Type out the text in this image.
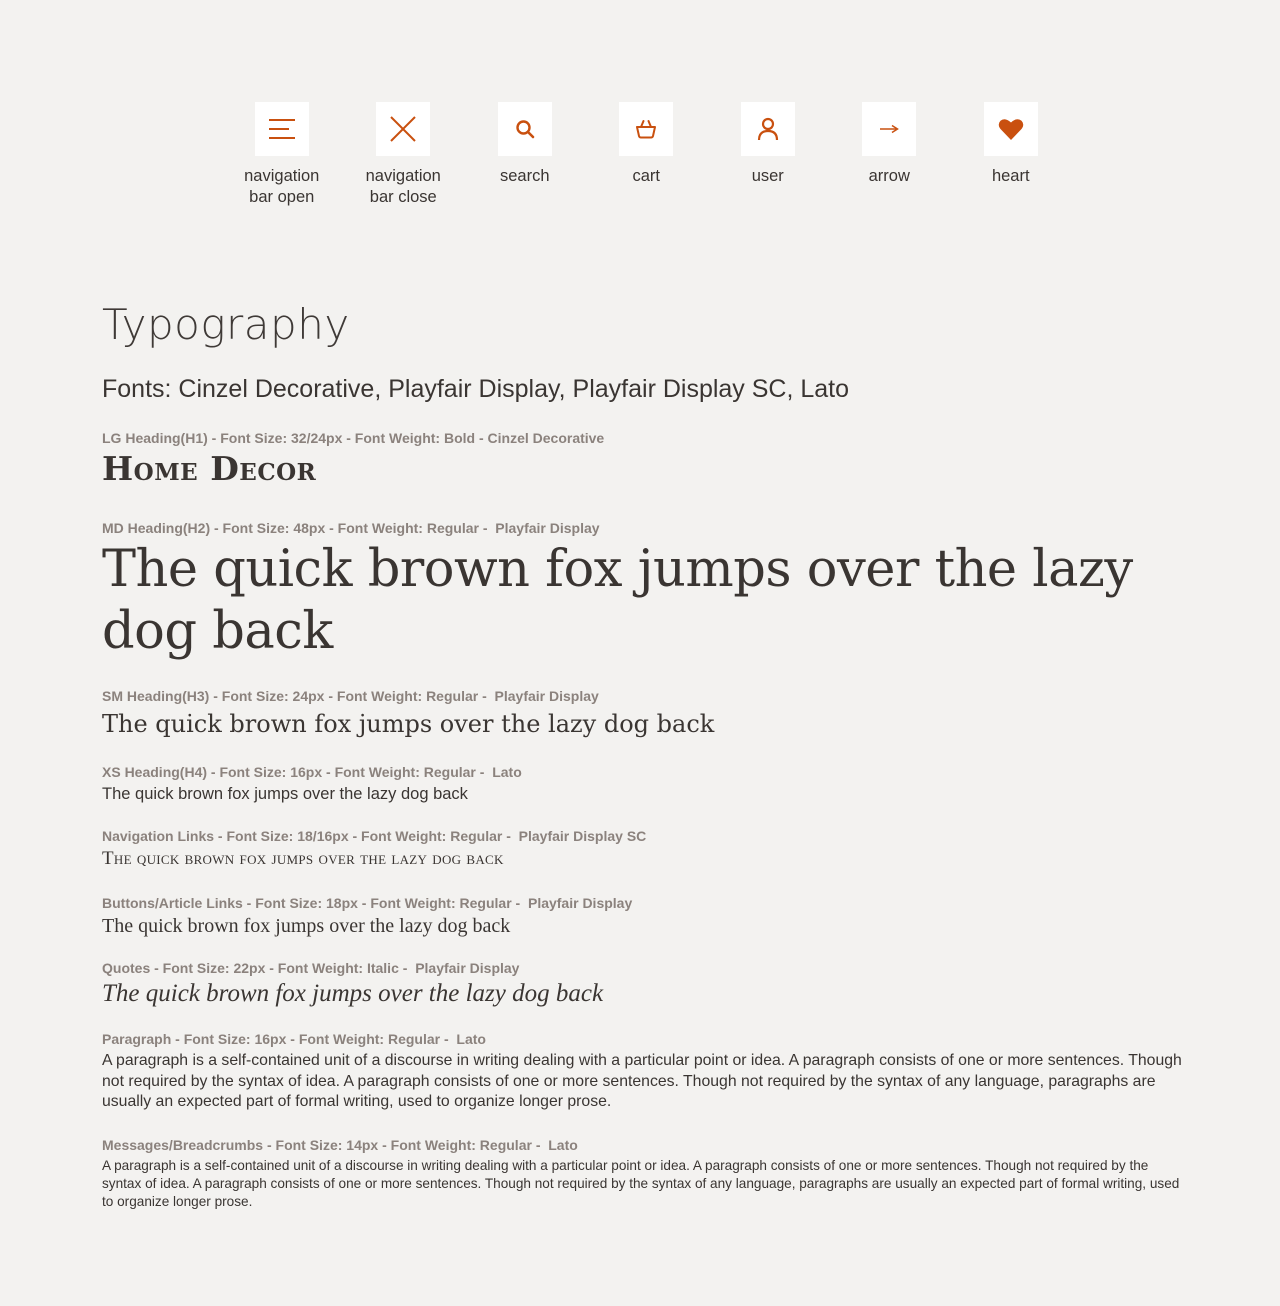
navigation
bar open
navigation
bar close
search	cart	user	arrow	heart
Typography
Fonts: Cinzel Decorative, Playfair Display, Playfair Display SC, Lato
LG Heading(H1) - Font Size: 32/24px - Font Weight: Bold - Cinzel Decorative
Home Decor
MD Heading(H2) - Font Size: 48px - Font Weight: Regular -  Playfair Display
The quick brown fox jumps over the lazy dog back
SM Heading(H3) - Font Size: 24px - Font Weight: Regular -  Playfair Display
The quick brown fox jumps over the lazy dog back
XS Heading(H4) - Font Size: 16px - Font Weight: Regular -  Lato
The quick brown fox jumps over the lazy dog back
Navigation Links - Font Size: 18/16px - Font Weight: Regular -  Playfair Display SC
The quick brown fox jumps over the lazy dog back
Buttons/Article Links - Font Size: 18px - Font Weight: Regular -  Playfair Display
The quick brown fox jumps over the lazy dog back
Quotes - Font Size: 22px - Font Weight: Italic -  Playfair Display
The quick brown fox jumps over the lazy dog back
Paragraph - Font Size: 16px - Font Weight: Regular -  Lato
A paragraph is a self-contained unit of a discourse in writing dealing with a particular point or idea. A paragraph consists of one or more sentences. Though not required by the syntax of idea. A paragraph consists of one or more sentences. Though not required by the syntax of any language, paragraphs are usually an expected part of formal writing, used to organize longer prose.
Messages/Breadcrumbs - Font Size: 14px - Font Weight: Regular -  Lato
A paragraph is a self-contained unit of a discourse in writing dealing with a particular point or idea. A paragraph consists of one or more sentences. Though not required by the syntax of idea. A paragraph consists of one or more sentences. Though not required by the syntax of any language, paragraphs are usually an expected part of formal writing, used to organize longer prose.
